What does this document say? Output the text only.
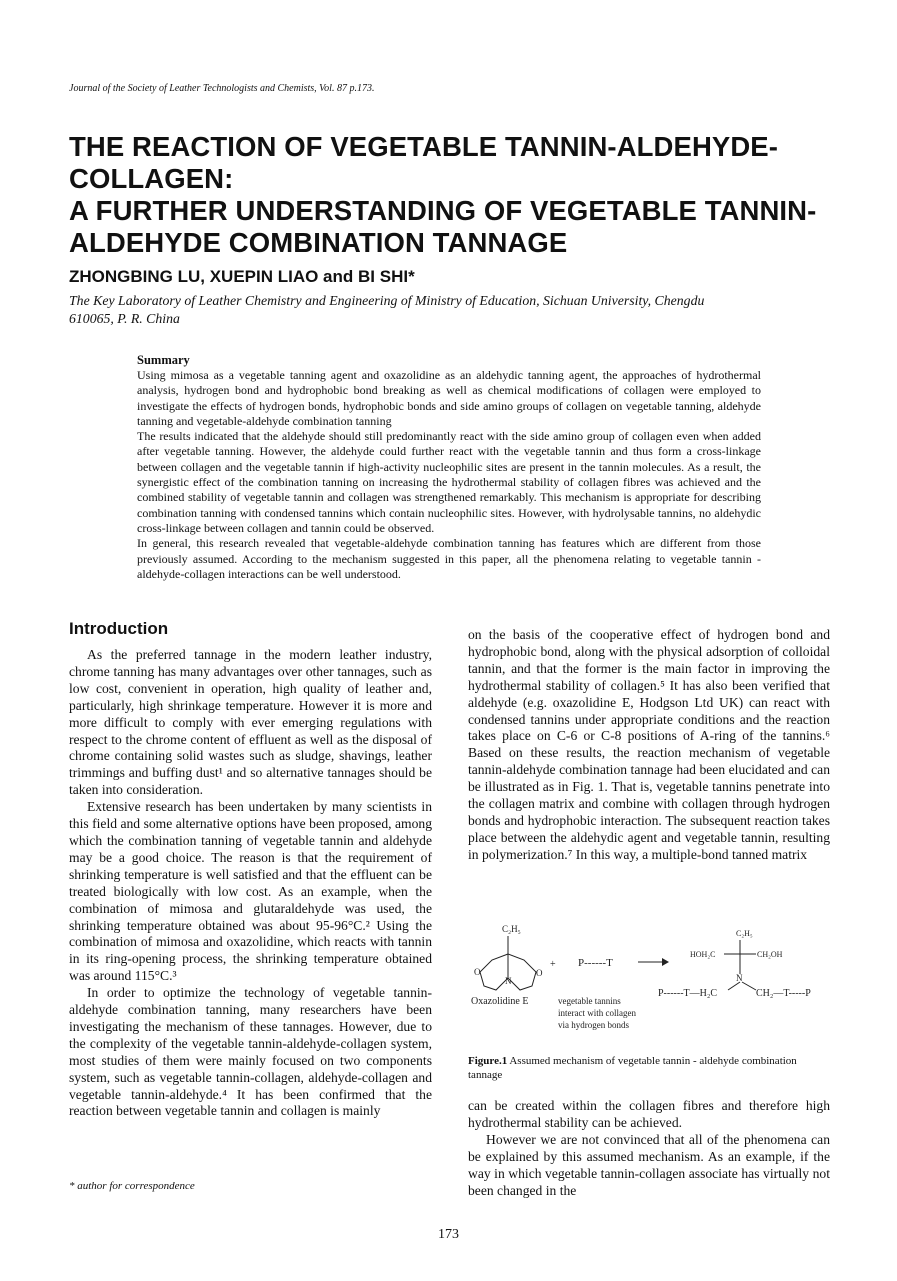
Journal of the Society of Leather Technologists and Chemists, Vol. 87 p.173.
THE REACTION OF VEGETABLE TANNIN-ALDEHYDE-
COLLAGEN:
A FURTHER UNDERSTANDING OF VEGETABLE TANNIN-
ALDEHYDE COMBINATION TANNAGE
ZHONGBING LU, XUEPIN LIAO and BI SHI*
The Key Laboratory of Leather Chemistry and Engineering of Ministry of Education, Sichuan University, Chengdu
610065, P. R. China
Summary

Using mimosa as a vegetable tanning agent and oxazolidine as an aldehydic tanning agent, the approaches of hydrothermal analysis, hydrogen bond and hydrophobic bond breaking as well as chemical modifications of collagen were employed to investigate the effects of hydrogen bonds, hydrophobic bonds and side amino groups of collagen on vegetable tanning, aldehyde tanning and vegetable-aldehyde combination tanning

The results indicated that the aldehyde should still predominantly react with the side amino group of collagen even when added after vegetable tanning. However, the aldehyde could further react with the vegetable tannin and thus form a cross-linkage between collagen and the vegetable tannin if high-activity nucleophilic sites are present in the tannin molecules. As a result, the synergistic effect of the combination tanning on increasing the hydrothermal stability of collagen fibres was achieved and the combined stability of vegetable tannin and collagen was strengthened remarkably. This mechanism is appropriate for describing combination tanning with condensed tannins which contain nucleophilic sites. However, with hydrolysable tannins, no aldehydic cross-linkage between collagen and tannin could be observed.

In general, this research revealed that vegetable-aldehyde combination tanning has features which are different from those previously assumed. According to the mechanism suggested in this paper, all the phenomena relating to vegetable tannin -aldehyde-collagen interactions can be well understood.

Introduction

As the preferred tannage in the modern leather industry, chrome tanning has many advantages over other tannages, such as low cost, convenient in operation, high quality of leather and, particularly, high shrinkage temperature. However it is more and more difficult to comply with ever emerging regulations with respect to the chrome content of effluent as well as the disposal of chrome containing solid wastes such as sludge, shavings, leather trimmings and buffing dust¹ and so alternative tannages should be taken into consideration.

Extensive research has been undertaken by many scientists in this field and some alternative options have been proposed, among which the combination tanning of vegetable tannin and aldehyde may be a good choice. The reason is that the requirement of shrinking temperature is well satisfied and that the effluent can be treated biologically with low cost. As an example, when the combination of mimosa and glutaraldehyde was used, the shrinking temperature obtained was about 95-96°C.² Using the combination of mimosa and oxazolidine, which reacts with tannin in its ring-opening process, the shrinking temperature obtained was around 115°C.³

In order to optimize the technology of vegetable tannin-aldehyde combination tanning, many researchers have been investigating the mechanism of these tannages. However, due to the complexity of the vegetable tannin-aldehyde-collagen system, most studies of them were mainly focused on two components system, such as vegetable tannin-collagen, aldehyde-collagen and vegetable tannin-aldehyde.⁴ It has been confirmed that the reaction between vegetable tannin and collagen is mainly

on the basis of the cooperative effect of hydrogen bond and hydrophobic bond, along with the physical adsorption of colloidal tannin, and that the former is the main factor in improving the hydrothermal stability of collagen.⁵ It has also been verified that aldehyde (e.g. oxazolidine E, Hodgson Ltd UK) can react with condensed tannins under appropriate conditions and the reaction takes place on C-6 or C-8 positions of A-ring of the tannins.⁶ Based on these results, the reaction mechanism of vegetable tannin-aldehyde combination tannage had been elucidated and can be illustrated as in Fig. 1. That is, vegetable tannins penetrate into the collagen matrix and combine with collagen through hydrogen bonds and hydrophobic interaction. The subsequent reaction takes place between the aldehydic agent and vegetable tannin, resulting in polymerization.⁷ In this way, a multiple-bond tanned matrix

C₂H₅
O
N
O
Oxazolidine E
+ P------T
vegetable tannins
interact with collagen
via hydrogen bonds
C₂H₅
HOH₂C	CH₂OH
N
P------T—H₂C	CH₂—T-----P
Figure.1 Assumed mechanism of vegetable tannin - aldehyde combination tannage

can be created within the collagen fibres and therefore high hydrothermal stability can be achieved.

However we are not convinced that all of the phenomena can be explained by this assumed mechanism. As an example, if the way in which vegetable tannin-collagen associate has virtually not been changed in the

* author for correspondence
173
